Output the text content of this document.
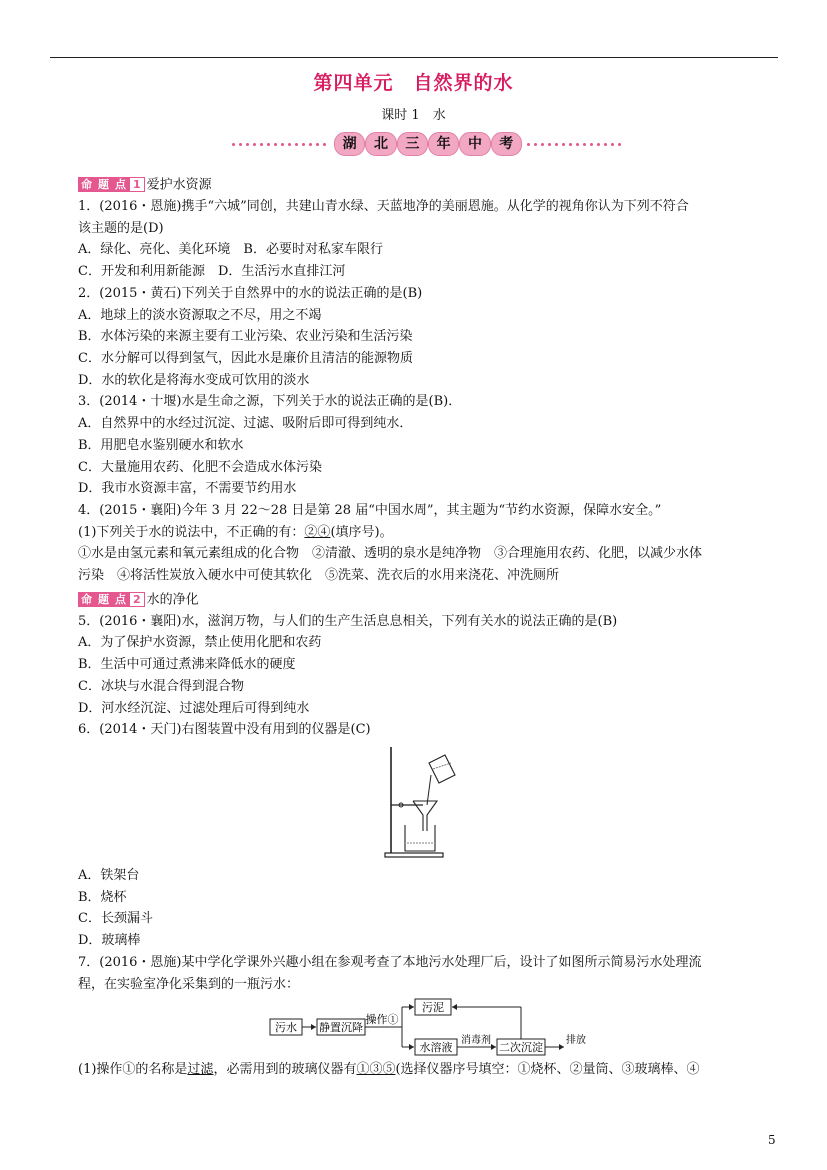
第四单元　自然界的水
课时 1　水
湖	北	三	年	中	考

命 题 点 1 爱护水资源

1．(2016・恩施)携手“六城”同创，共建山青水绿、天蓝地净的美丽恩施。从化学的视角你认为下列不符合

该主题的是(D)

A．绿化、亮化、美化环境　B．必要时对私家车限行

C．开发和利用新能源　D．生活污水直排江河

2．(2015・黄石)下列关于自然界中的水的说法正确的是(B)

A．地球上的淡水资源取之不尽，用之不竭

B．水体污染的来源主要有工业污染、农业污染和生活污染

C．水分解可以得到氢气，因此水是廉价且清洁的能源物质

D．水的软化是将海水变成可饮用的淡水

3．(2014・十堰)水是生命之源，下列关于水的说法正确的是(B)．

A．自然界中的水经过沉淀、过滤、吸附后即可得到纯水．

B．用肥皂水鉴别硬水和软水

C．大量施用农药、化肥不会造成水体污染

D．我市水资源丰富，不需要节约用水

4．(2015・襄阳)今年 3 月 22～28 日是第 28 届“中国水周”，其主题为“节约水资源，保障水安全。”

(1)下列关于水的说法中，不正确的有：②④(填序号)。

①水是由氢元素和氧元素组成的化合物　②清澈、透明的泉水是纯净物　③合理施用农药、化肥，以减少水体

污染　④将活性炭放入硬水中可使其软化　⑤洗菜、洗衣后的水用来浇花、冲洗厕所

命 题 点 2 水的净化

5．(2016・襄阳)水，滋润万物，与人们的生产生活息息相关，下列有关水的说法正确的是(B)

A．为了保护水资源，禁止使用化肥和农药

B．生活中可通过煮沸来降低水的硬度

C．冰块与水混合得到混合物

D．河水经沉淀、过滤处理后可得到纯水

6．(2014・天门)右图装置中没有用到的仪器是(C)

A．铁架台

B．烧杯

C．长颈漏斗

D．玻璃棒

7．(2016・恩施)某中学化学课外兴趣小组在参观考查了本地污水处理厂后，设计了如图所示简易污水处理流

程，在实验室净化采集到的一瓶污水：

污水 静置沉降
操作①
污泥
水溶液
消毒剂
二次沉淀
排放

(1)操作①的名称是过滤，必需用到的玻璃仪器有①③⑤(选择仪器序号填空：①烧杯、②量筒、③玻璃棒、④

5
